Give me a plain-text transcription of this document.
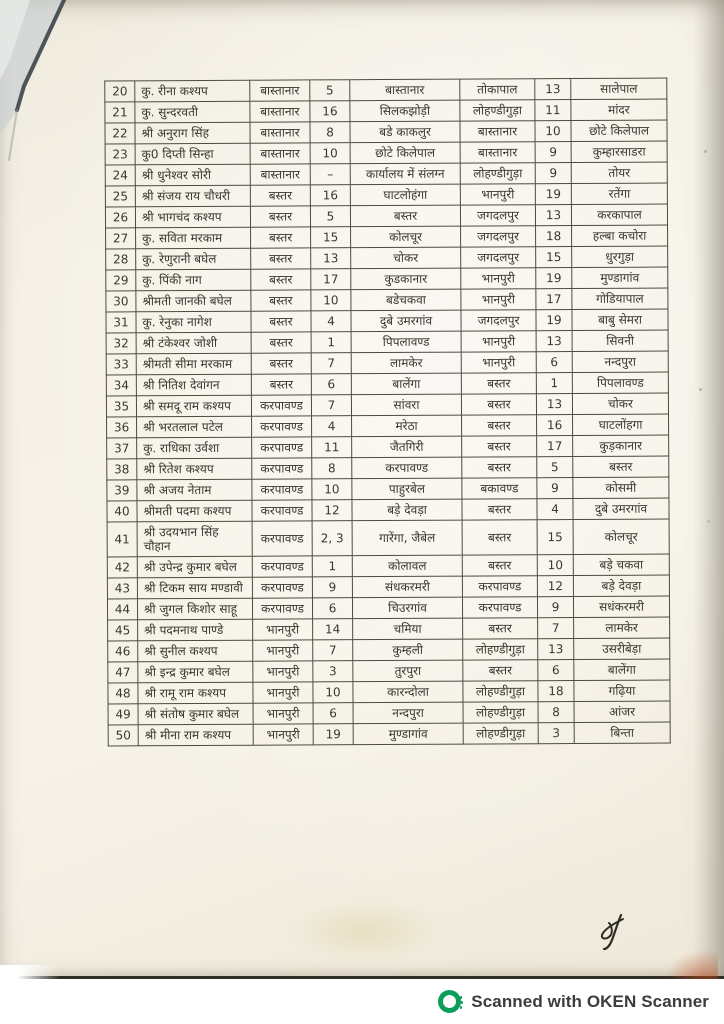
20	कु. रीना कश्यप	बास्तानार	5	बास्तानार	तोकापाल	13	सालेपाल
21	कु. सुन्दरवती	बास्तानार	16	सिलकझोड़ी	लोहण्डीगुड़ा	11	मांदर
22	श्री अनुराग सिंह	बास्तानार	8	बडे काकलुर	बास्तानार	10	छोटे किलेपाल
23	कु0 दिप्ती सिन्हा	बास्तानार	10	छोटे किलेपाल	बास्तानार	9	कुम्हारसाडरा
24	श्री धुनेश्वर सोरी	बास्तानार	–	कार्यालय में संलग्न	लोहण्डीगुड़ा	9	तोयर
25	श्री संजय राय चौधरी	बस्तर	16	घाटलोहंगा	भानपुरी	19	रतेंगा
26	श्री भागचंद कश्यप	बस्तर	5	बस्तर	जगदलपुर	13	करकापाल
27	कु. सविता मरकाम	बस्तर	15	कोलचूर	जगदलपुर	18	हल्बा कचोरा
28	कु. रेणुरानी बघेल	बस्तर	13	चोकर	जगदलपुर	15	धुरगुड़ा
29	कु. पिंकी नाग	बस्तर	17	कुडकानार	भानपुरी	19	मुण्डागांव
30	श्रीमती जानकी बघेल	बस्तर	10	बडेचकवा	भानपुरी	17	गोडियापाल
31	कु. रेनुका नागेश	बस्तर	4	दुबे उमरगांव	जगदलपुर	19	बाबु सेमरा
32	श्री टंकेश्वर जोशी	बस्तर	1	पिपलावण्ड	भानपुरी	13	सिवनी
33	श्रीमती सीमा मरकाम	बस्तर	7	लामकेर	भानपुरी	6	नन्दपुरा
34	श्री नितिश देवांगन	बस्तर	6	बालेंगा	बस्तर	1	पिपलावण्ड
35	श्री समदू राम कश्यप	करपावण्ड	7	सांवरा	बस्तर	13	चोकर
36	श्री भरतलाल पटेल	करपावण्ड	4	मरेठा	बस्तर	16	घाटलोंहगा
37	कु. राधिका उर्वशा	करपावण्ड	11	जैतगिरी	बस्तर	17	कुड़कानार
38	श्री रितेश कश्यप	करपावण्ड	8	करपावण्ड	बस्तर	5	बस्तर
39	श्री अजय नेताम	करपावण्ड	10	पाहुरबेल	बकावण्ड	9	कोसमी
40	श्रीमती पदमा कश्यप	करपावण्ड	12	बड़े देवड़ा	बस्तर	4	दुबे उमरगांव
41	श्री उदयभान सिंह चौहान	करपावण्ड	2, 3	गारेंगा, जैबेल	बस्तर	15	कोलचूर
42	श्री उपेन्द्र कुमार बघेल	करपावण्ड	1	कोलावल	बस्तर	10	बड़े चकवा
43	श्री टिकम साय मण्डावी	करपावण्ड	9	संधकरमरी	करपावण्ड	12	बड़े देवड़ा
44	श्री जुगल किशोर साहू	करपावण्ड	6	चिउरगांव	करपावण्ड	9	सधंकरमरी
45	श्री पदमनाथ पाण्डे	भानपुरी	14	चमिया	बस्तर	7	लामकेर
46	श्री सुनील कश्यप	भानपुरी	7	कुम्हली	लोहण्डीगुड़ा	13	उसरीबेड़ा
47	श्री इन्द्र कुमार बघेल	भानपुरी	3	तुरपुरा	बस्तर	6	बालेंगा
48	श्री रामू राम कश्यप	भानपुरी	10	कारन्दोला	लोहण्डीगुड़ा	18	गढ़िया
49	श्री संतोष कुमार बघेल	भानपुरी	6	नन्दपुरा	लोहण्डीगुड़ा	8	आंजर
50	श्री मीना राम कश्यप	भानपुरी	19	मुण्डागांव	लोहण्डीगुड़ा	3	बिन्ता
Scanned with OKEN Scanner
